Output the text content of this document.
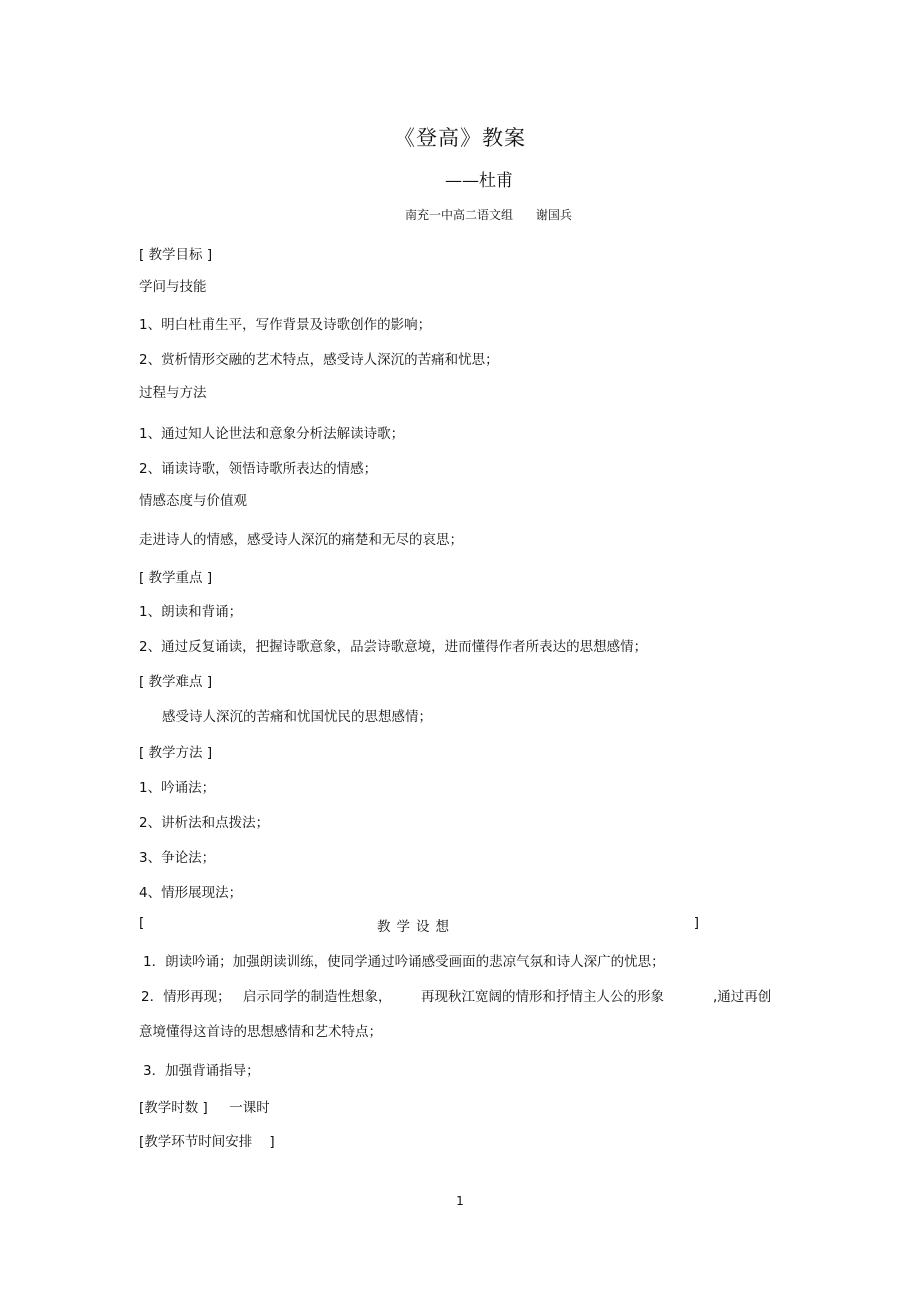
《登高》教案
——杜甫
南充一中高二语文组      谢国兵
[ 教学目标 ]
学问与技能
1、明白杜甫生平，写作背景及诗歌创作的影响；
2、赏析情形交融的艺术特点，感受诗人深沉的苦痛和忧思；
过程与方法
1、通过知人论世法和意象分析法解读诗歌；
2、诵读诗歌，领悟诗歌所表达的情感；
情感态度与价值观
走进诗人的情感，感受诗人深沉的痛楚和无尽的哀思；
[ 教学重点 ]
1、朗读和背诵；
2、通过反复诵读，把握诗歌意象，品尝诗歌意境，进而懂得作者所表达的思想感情；
[ 教学难点 ]
感受诗人深沉的苦痛和忧国忧民的思想感情；
[ 教学方法 ]
1、吟诵法；
2、讲析法和点拨法；
3、争论法；
4、情形展现法；
[	教学设想	]
1．朗读吟诵；加强朗读训练，使同学通过吟诵感受画面的悲凉气氛和诗人深广的忧思；
2．情形再现； 启示同学的制造性想象， 再现秋江宽阔的情形和抒情主人公的形象	,通过再创
意境懂得这首诗的思想感情和艺术特点；
3．加强背诵指导；
[教学时数 ]     一课时
[教学环节时间安排    ]
1
